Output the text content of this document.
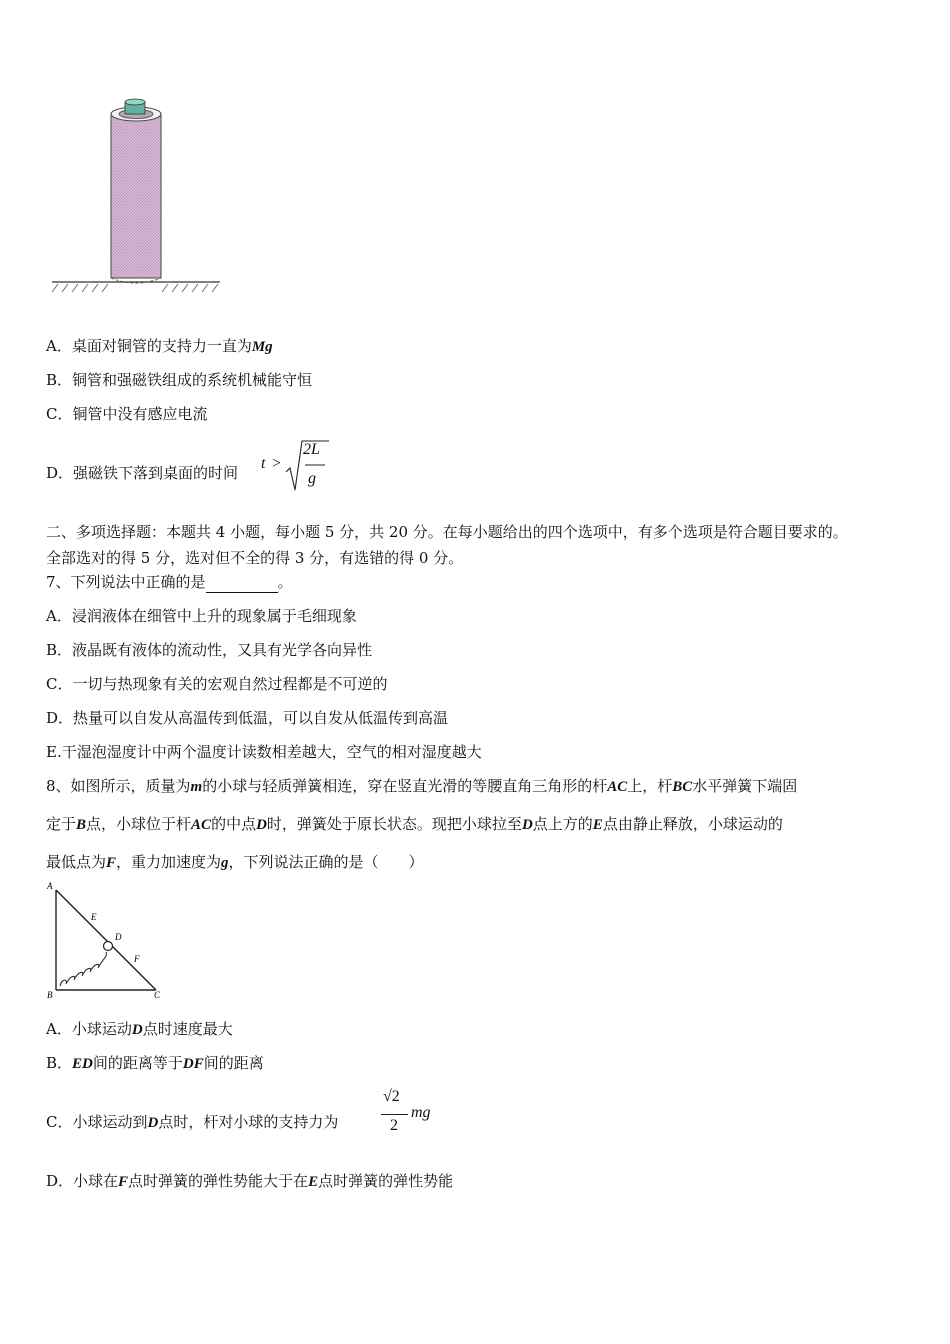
A．桌面对铜管的支持力一直为Mg
B．铜管和强磁铁组成的系统机械能守恒
C．铜管中没有感应电流
D．强磁铁下落到桌面的时间
t >
2L
g
二、多项选择题：本题共 4 小题，每小题 5 分，共 20 分。在每小题给出的四个选项中，有多个选项是符合题目要求的。
全部选对的得 5 分，选对但不全的得 3 分，有选错的得 0 分。
7、下列说法中正确的是	。
A．浸润液体在细管中上升的现象属于毛细现象
B．液晶既有液体的流动性，又具有光学各向异性
C．一切与热现象有关的宏观自然过程都是不可逆的
D．热量可以自发从高温传到低温，可以自发从低温传到高温
E.干湿泡湿度计中两个温度计读数相差越大，空气的相对湿度越大
8、如图所示，质量为m的小球与轻质弹簧相连，穿在竖直光滑的等腰直角三角形的杆AC上，杆BC水平弹簧下端固
定于B点，小球位于杆AC的中点D时，弹簧处于原长状态。现把小球拉至D点上方的E点由静止释放，小球运动的
最低点为F，重力加速度为g，下列说法正确的是（　　）
A
B	C
D
E
F
A．小球运动D点时速度最大
B．ED间的距离等于DF间的距离
C．小球运动到D点时，杆对小球的支持力为
√2
2
mg
D．小球在F点时弹簧的弹性势能大于在E点时弹簧的弹性势能
